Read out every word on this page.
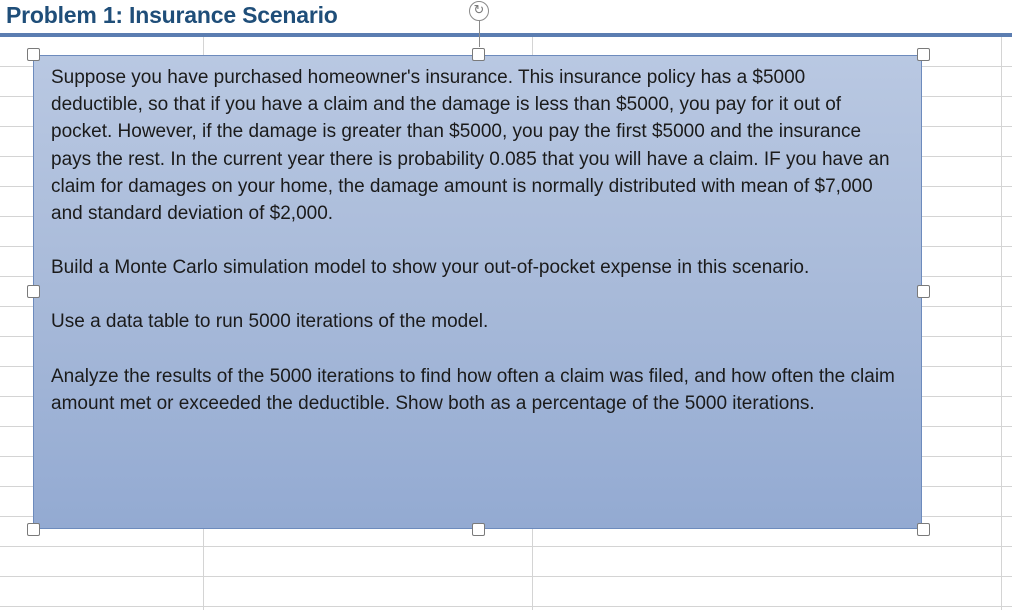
Problem 1: Insurance Scenario	↻

Suppose you have purchased homeowner's insurance. This insurance policy has a $5000 deductible, so that if you have a claim and the damage is less than $5000, you pay for it out of pocket. However, if the damage is greater than $5000, you pay the first $5000 and the insurance pays the rest. In the current year there is probability 0.085 that you will have a claim. IF you have an claim for damages on your home, the damage amount is normally distributed with mean of $7,000 and standard deviation of $2,000.

Build a Monte Carlo simulation model to show your out-of-pocket expense in this scenario.

Use a data table to run 5000 iterations of the model.

Analyze the results of the 5000 iterations to find how often a claim was filed, and how often the claim amount met or exceeded the deductible. Show both as a percentage of the 5000 iterations.
